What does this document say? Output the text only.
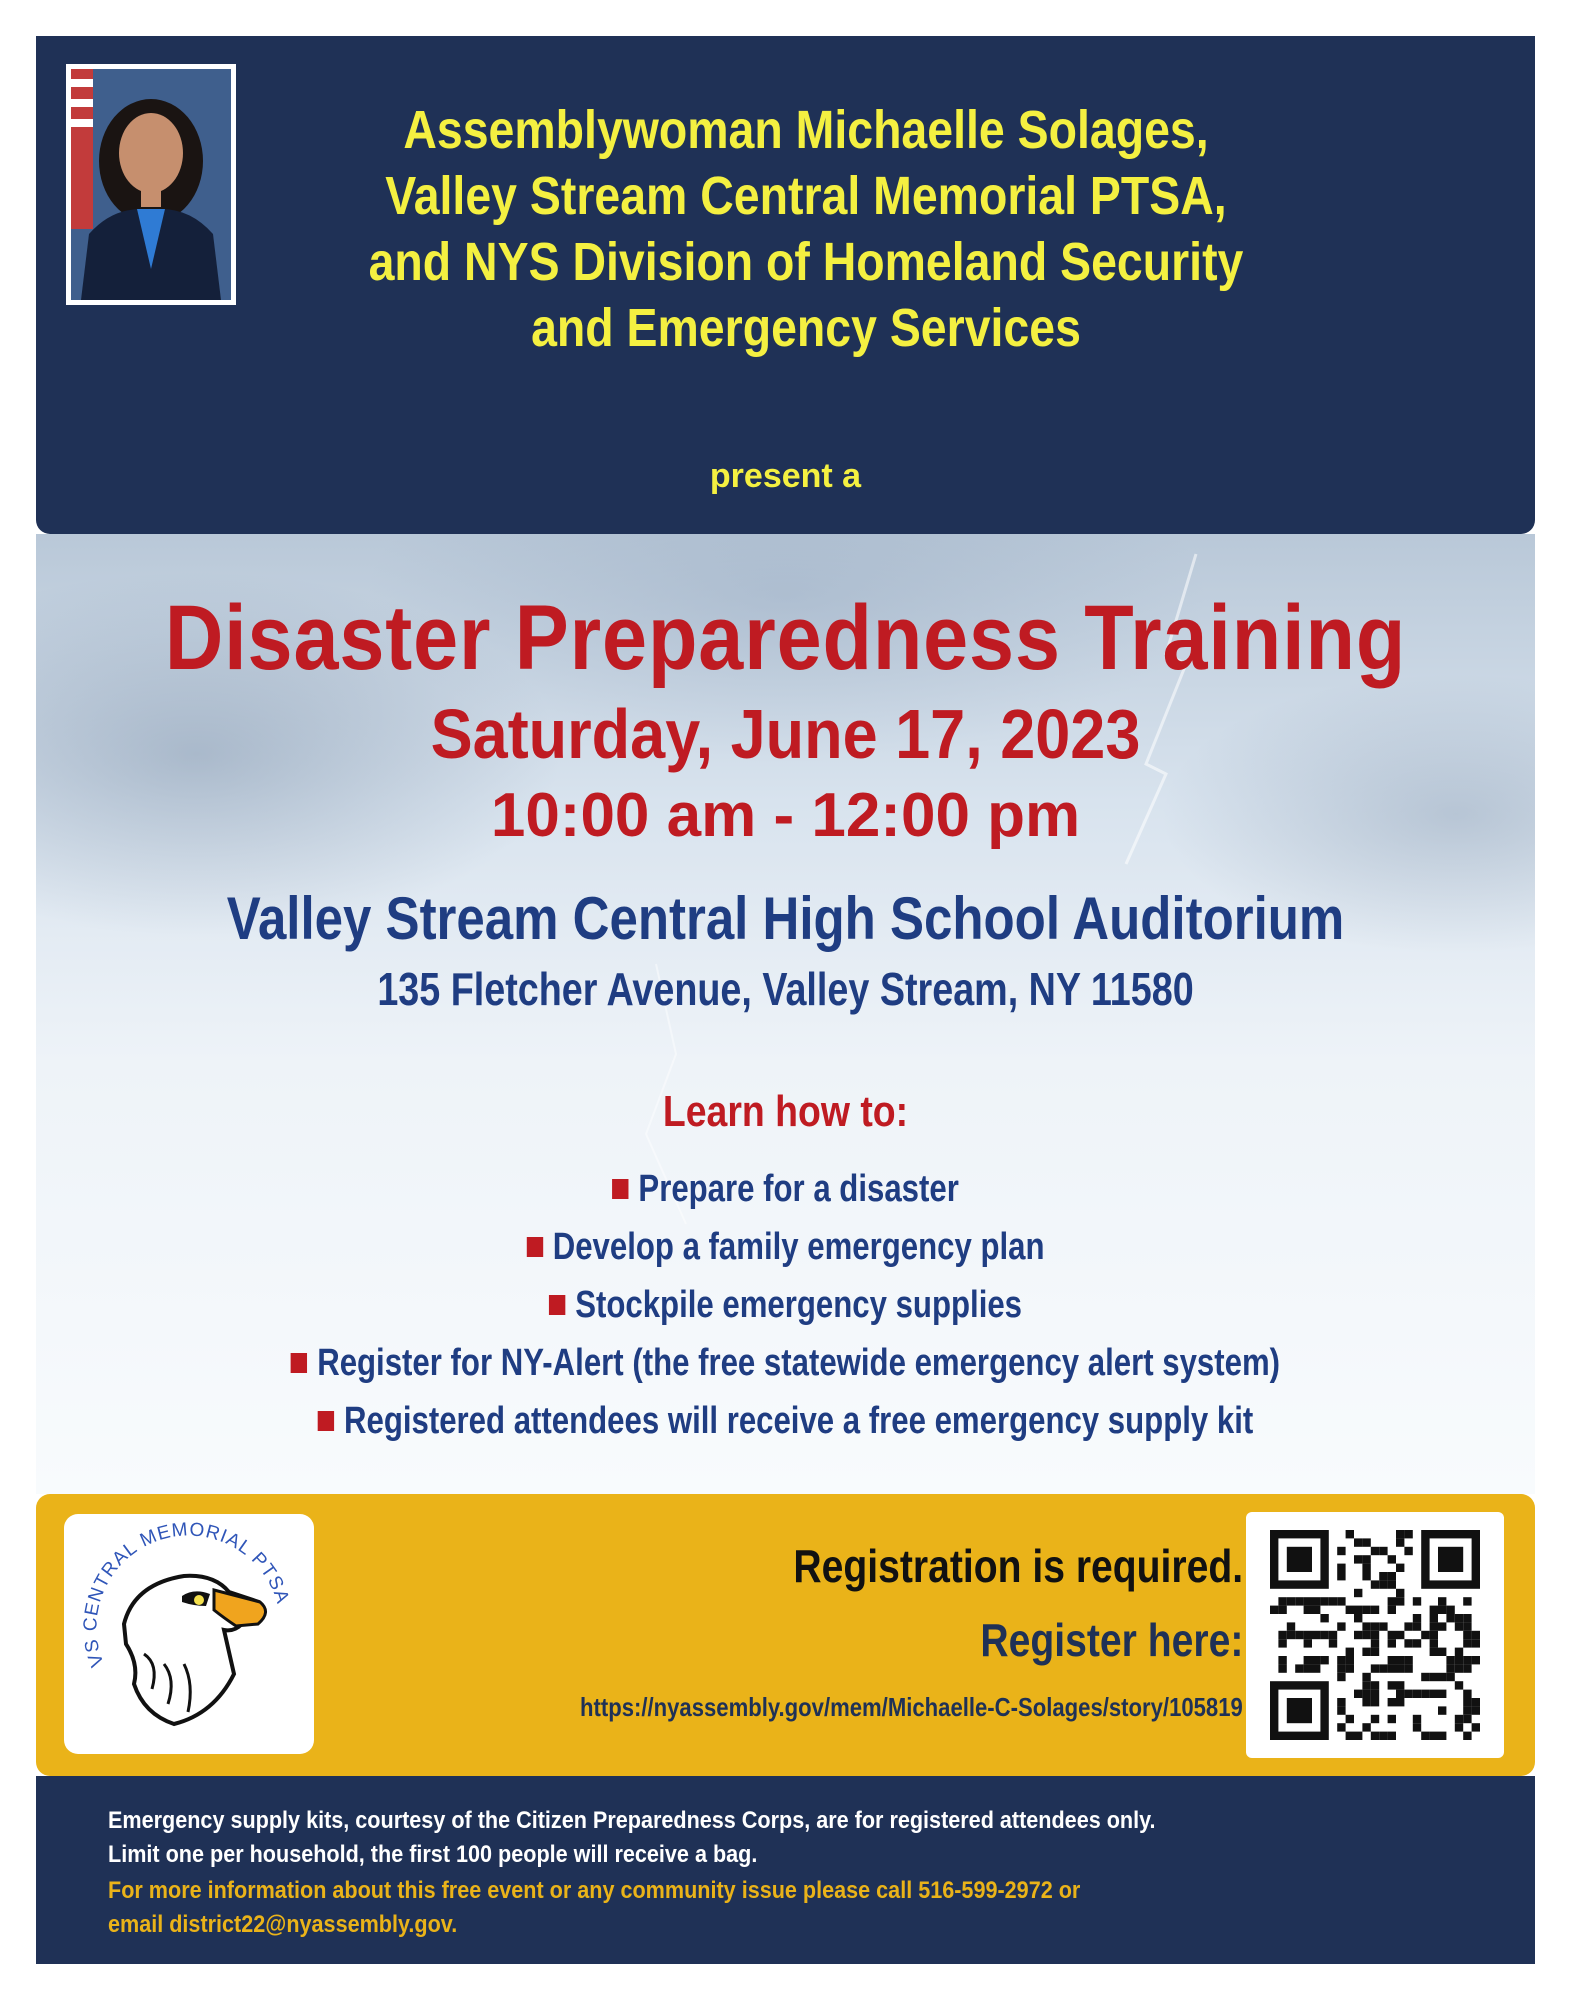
Assemblywoman Michaelle Solages,
Valley Stream Central Memorial PTSA,
and NYS Division of Homeland Security
and Emergency Services
present a
Disaster Preparedness Training
Saturday, June 17, 2023
10:00 am - 12:00 pm
Valley Stream Central High School Auditorium
135 Fletcher Avenue, Valley Stream, NY 11580
Learn how to:
Prepare for a disaster
Develop a family emergency plan
Stockpile emergency supplies
Register for NY-Alert (the free statewide emergency alert system)
Registered attendees will receive a free emergency supply kit
VS CENTRAL MEMORIAL PTSA
Registration is required.
Register here:
https://nyassembly.gov/mem/Michaelle-C-Solages/story/105819
Emergency supply kits, courtesy of the Citizen Preparedness Corps, are for registered attendees only.
Limit one per household, the first 100 people will receive a bag.
For more information about this free event or any community issue please call 516-599-2972 or
email district22@nyassembly.gov.
